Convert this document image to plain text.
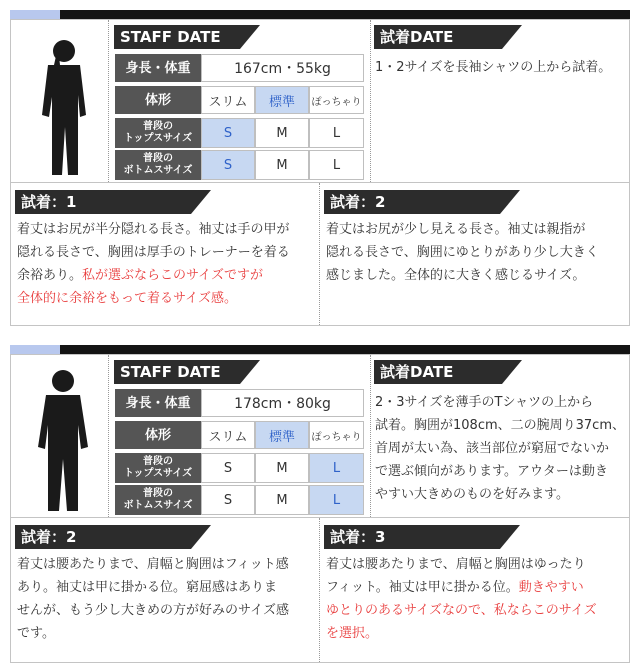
STAFF DATE	試着DATE
身長・体重	167cm・55kg
体形	スリム	標準	ぽっちゃり
普段の
トップスサイズ	S	M	L
普段の
ボトムスサイズ	S	M	L
1・2サイズを長袖シャツの上から試着。
試着：1
着丈はお尻が半分隠れる長さ。袖丈は手の甲が
隠れる長さで、胸囲は厚手のトレーナーを着る
余裕あり。私が選ぶならこのサイズですが
全体的に余裕をもって着るサイズ感。
試着：2
着丈はお尻が少し見える長さ。袖丈は親指が
隠れる長さで、胸囲にゆとりがあり少し大きく
感じました。全体的に大きく感じるサイズ。
STAFF DATE	試着DATE
身長・体重	178cm・80kg
体形	スリム	標準	ぽっちゃり
普段の
トップスサイズ	S	M	L
普段の
ボトムスサイズ	S	M	L
2・3サイズを薄手のTシャツの上から
試着。胸囲が108cm、二の腕周り37cm、
首周が太い為、該当部位が窮屈でないか
で選ぶ傾向があります。アウターは動き
やすい大きめのものを好みます。
試着：2
着丈は腰あたりまで、肩幅と胸囲はフィット感
あり。袖丈は甲に掛かる位。窮屈感はありま
せんが、もう少し大きめの方が好みのサイズ感
です。
試着：3
着丈は腰あたりまで、肩幅と胸囲はゆったり
フィット。袖丈は甲に掛かる位。動きやすい
ゆとりのあるサイズなので、私ならこのサイズ
を選択。
